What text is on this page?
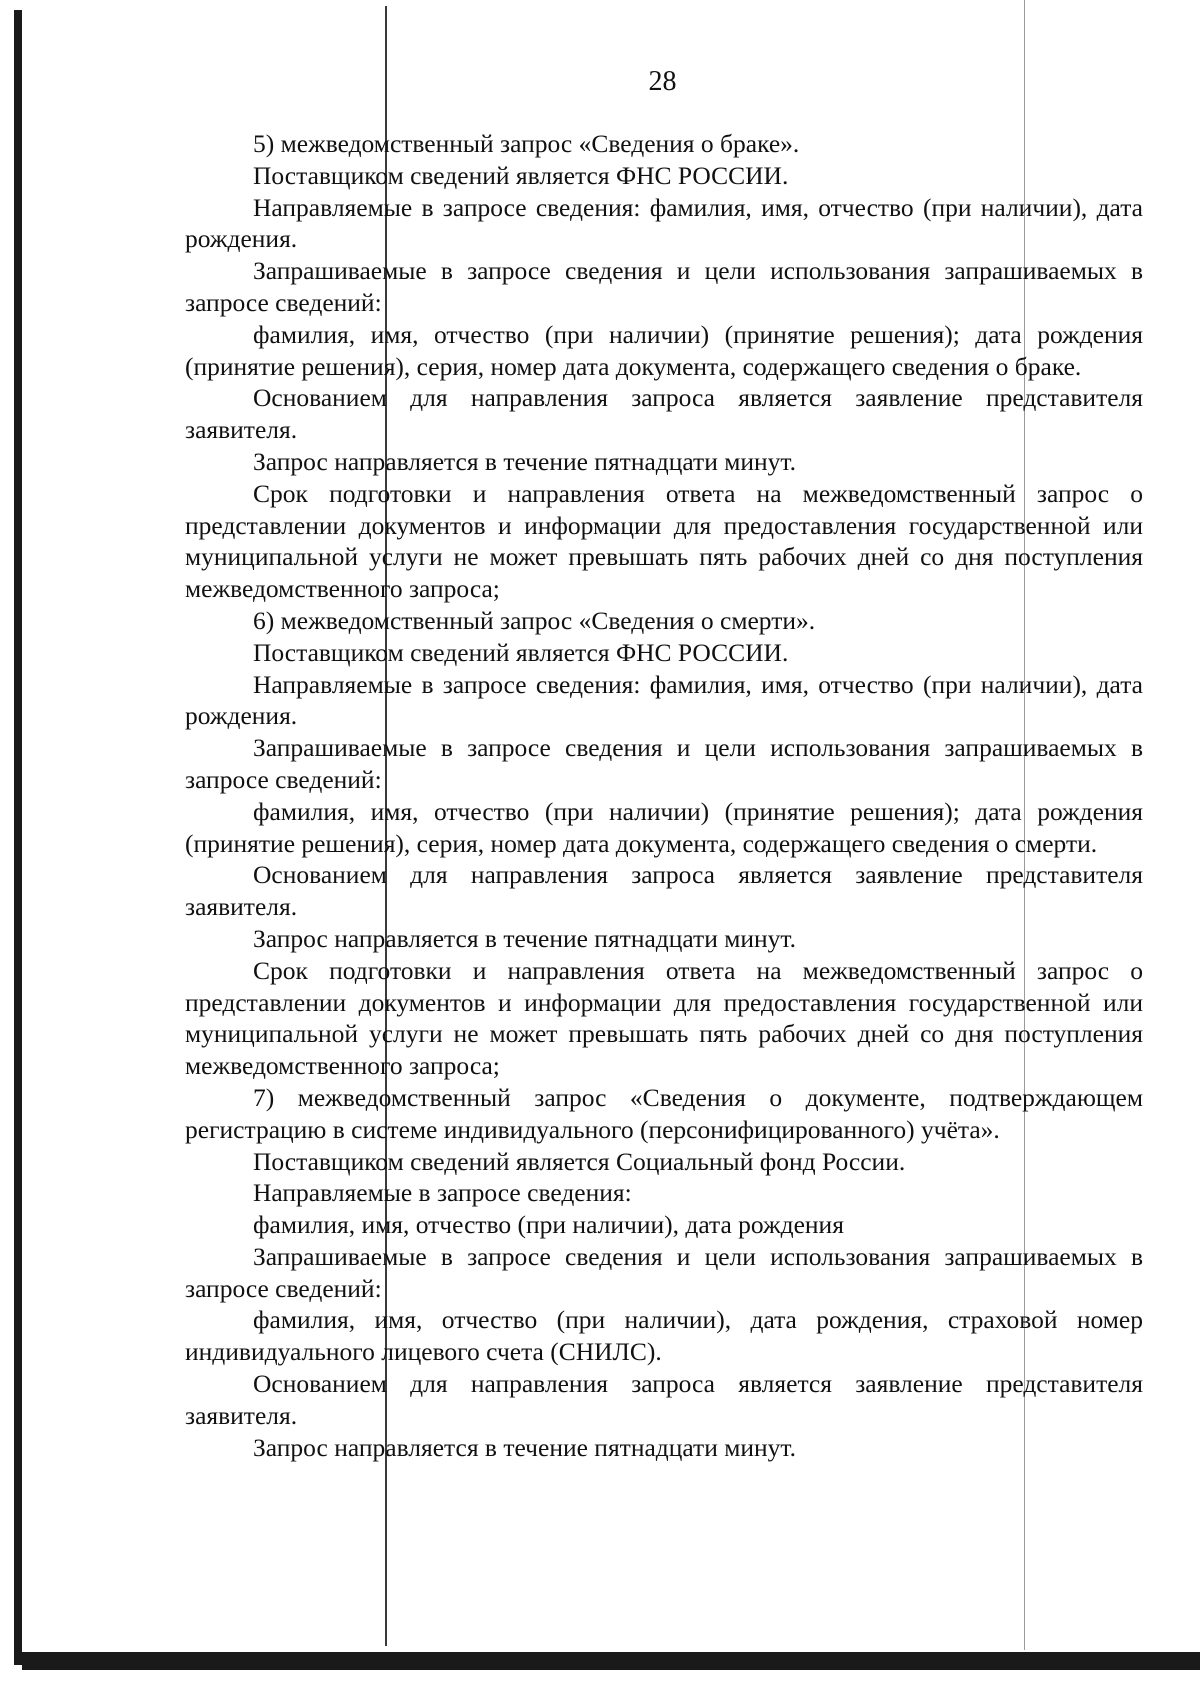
28

5) межведомственный запрос «Сведения о браке».

Поставщиком сведений является ФНС РОССИИ.

Направляемые в запросе сведения: фамилия, имя, отчество (при наличии), дата рождения.

Запрашиваемые в запросе сведения и цели использования запрашиваемых в запросе сведений:

фамилия, имя, отчество (при наличии) (принятие решения); дата рождения (принятие решения), серия, номер дата документа, содержащего сведения о браке.

Основанием для направления запроса является заявление представителя заявителя.

Запрос направляется в течение пятнадцати минут.

Срок подготовки и направления ответа на межведомственный запрос о представлении документов и информации для предоставления государственной или муниципальной услуги не может превышать пять рабочих дней со дня поступления межведомственного запроса;

6) межведомственный запрос «Сведения о смерти».

Поставщиком сведений является ФНС РОССИИ.

Направляемые в запросе сведения: фамилия, имя, отчество (при наличии), дата рождения.

Запрашиваемые в запросе сведения и цели использования запрашиваемых в запросе сведений:

фамилия, имя, отчество (при наличии) (принятие решения); дата рождения (принятие решения), серия, номер дата документа, содержащего сведения о смерти.

Основанием для направления запроса является заявление представителя заявителя.

Запрос направляется в течение пятнадцати минут.

Срок подготовки и направления ответа на межведомственный запрос о представлении документов и информации для предоставления государственной или муниципальной услуги не может превышать пять рабочих дней со дня поступления межведомственного запроса;

7) межведомственный запрос «Сведения о документе, подтверждающем регистрацию в системе индивидуального (персонифицированного) учёта».

Поставщиком сведений является Социальный фонд России.

Направляемые в запросе сведения:

фамилия, имя, отчество (при наличии), дата рождения

Запрашиваемые в запросе сведения и цели использования запрашиваемых в запросе сведений:

фамилия, имя, отчество (при наличии), дата рождения, страховой номер индивидуального лицевого счета (СНИЛС).

Основанием для направления запроса является заявление представителя заявителя.

Запрос направляется в течение пятнадцати минут.
